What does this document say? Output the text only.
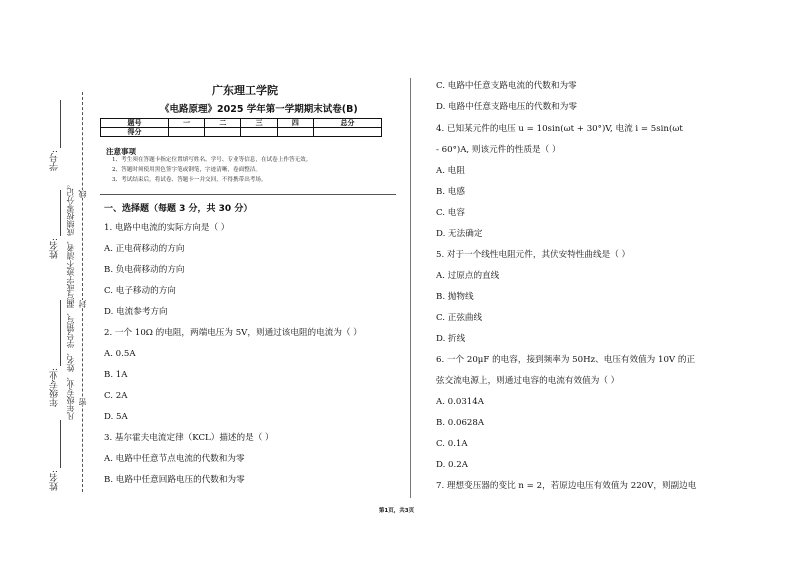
学号:
姓名:
年级专业:
姓名:
凡年级专业、姓名、学号错写、漏写或字迹不清者，成绩按零分记。 线
封
密
广东理工学院
《电路原理》2025 学年第一学期期末试卷(B)
题号	一	二	三	四	总分
得分					
注意事项
1、考生须在答题卡指定位置填写姓名、学号、专业等信息，在试卷上作答无效。
2、答题时须使用黑色签字笔或钢笔，字迹清晰，卷面整洁。
3、考试结束后，将试卷、答题卡一并交回，不得携带出考场。
一、选择题（每题 3 分，共 30 分）
1. 电路中电流的实际方向是（ ）
A. 正电荷移动的方向
B. 负电荷移动的方向
C. 电子移动的方向
D. 电流参考方向
2. 一个 10Ω 的电阻，两端电压为 5V，则通过该电阻的电流为（ ）
A. 0.5A
B. 1A
C. 2A
D. 5A
3. 基尔霍夫电流定律（KCL）描述的是（ ）
A. 电路中任意节点电流的代数和为零
B. 电路中任意回路电压的代数和为零
C. 电路中任意支路电流的代数和为零
D. 电路中任意支路电压的代数和为零
4. 已知某元件的电压 u = 10sin(ωt + 30°)V, 电流 i = 5sin(ωt
- 60°)A, 则该元件的性质是（ ）
A. 电阻
B. 电感
C. 电容
D. 无法确定
5. 对于一个线性电阻元件，其伏安特性曲线是（ ）
A. 过原点的直线
B. 抛物线
C. 正弦曲线
D. 折线
6. 一个 20μF 的电容，接到频率为 50Hz、电压有效值为 10V 的正
弦交流电源上，则通过电容的电流有效值为（ ）
A. 0.0314A
B. 0.0628A
C. 0.1A
D. 0.2A
7. 理想变压器的变比 n = 2，若原边电压有效值为 220V，则副边电
第1页，共3页
